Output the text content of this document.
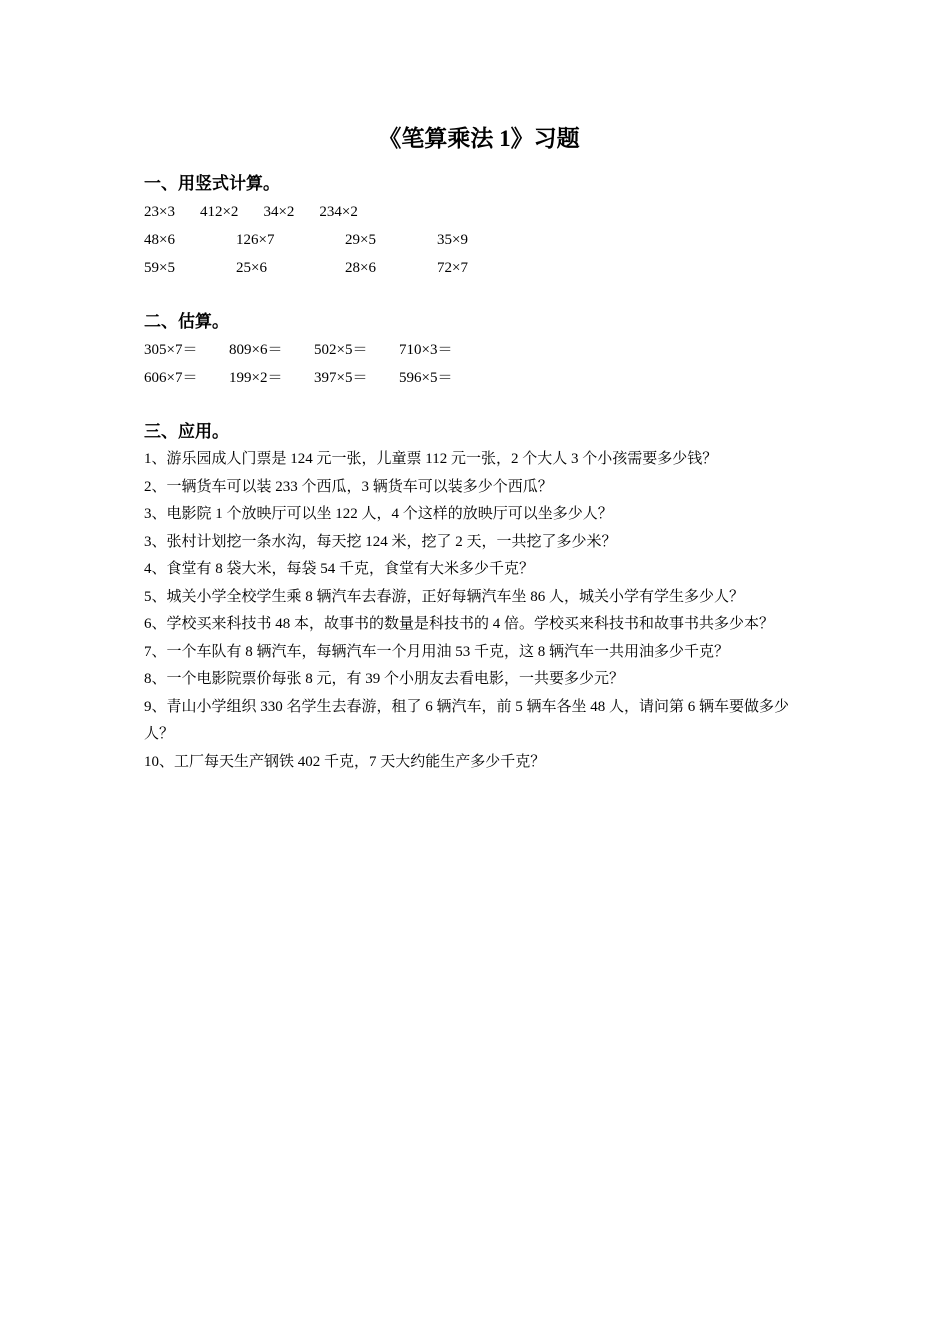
《笔算乘法 1》习题
一、用竖式计算。
23×3 412×2 34×2 234×2
48×6	126×7	29×5	35×9
59×5	25×6	28×6	72×7
二、估算。
305×7＝ 809×6＝ 502×5＝ 710×3＝
606×7＝ 199×2＝ 397×5＝ 596×5＝
三、应用。
1、游乐园成人门票是 124 元一张，儿童票 112 元一张，2 个大人 3 个小孩需要多少钱？
2、一辆货车可以装 233 个西瓜，3 辆货车可以装多少个西瓜？
3、电影院 1 个放映厅可以坐 122 人，4 个这样的放映厅可以坐多少人？
3、张村计划挖一条水沟，每天挖 124 米，挖了 2 天，一共挖了多少米？
4、食堂有 8 袋大米，每袋 54 千克，食堂有大米多少千克？
5、城关小学全校学生乘 8 辆汽车去春游，正好每辆汽车坐 86 人，城关小学有学生多少人？
6、学校买来科技书 48 本，故事书的数量是科技书的 4 倍。学校买来科技书和故事书共多少本？
7、一个车队有 8 辆汽车，每辆汽车一个月用油 53 千克，这 8 辆汽车一共用油多少千克？
8、一个电影院票价每张 8 元，有 39 个小朋友去看电影，一共要多少元？
9、青山小学组织 330 名学生去春游，租了 6 辆汽车，前 5 辆车各坐 48 人，请问第 6 辆车要做多少人？
10、工厂每天生产钢铁 402 千克，7 天大约能生产多少千克？
